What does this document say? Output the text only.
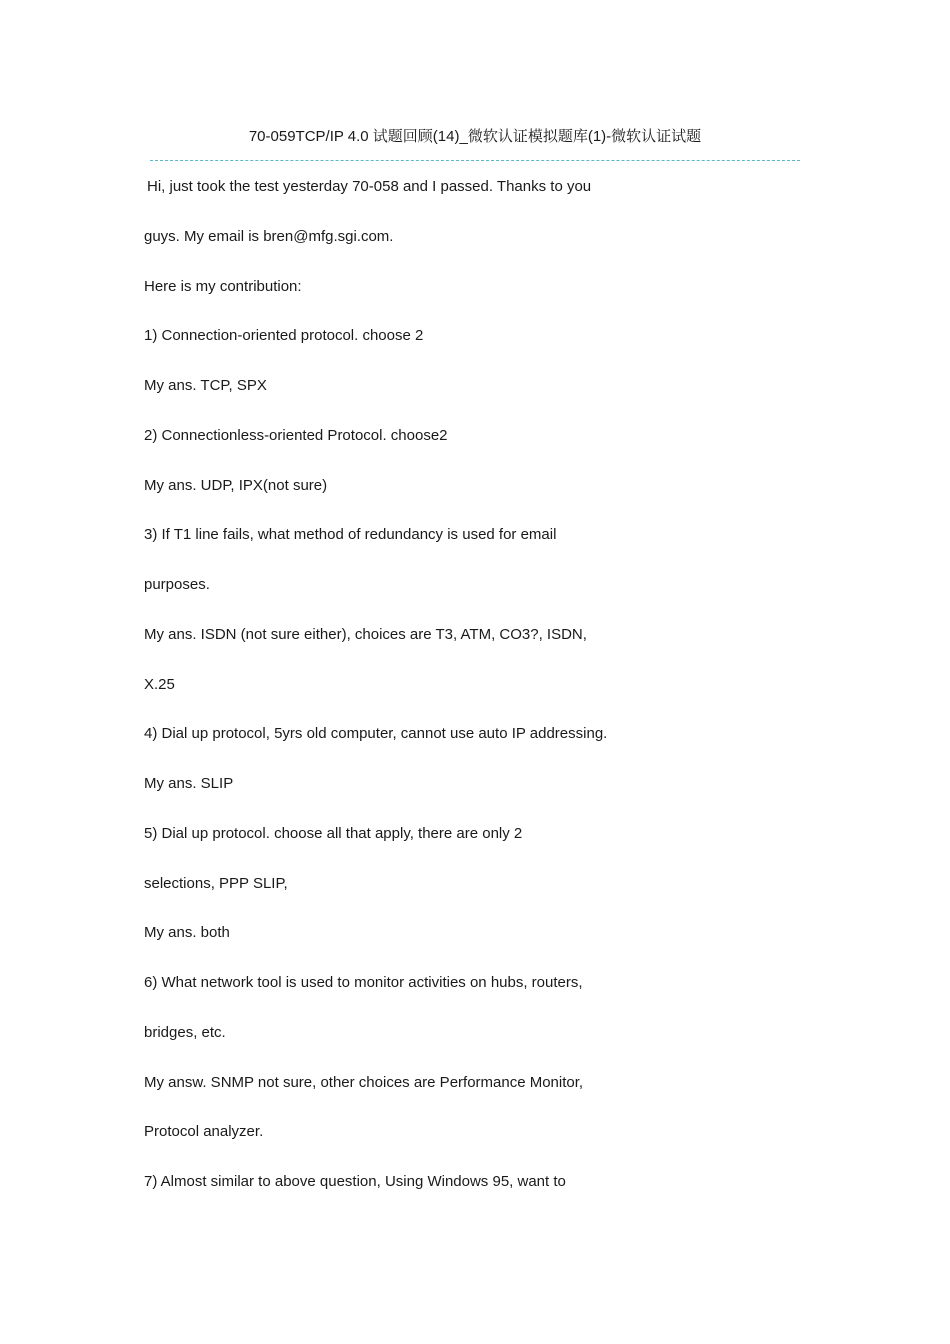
70-059TCP/IP 4.0 试题回顾(14)_微软认证模拟题库(1)-微软认证试题
Hi, just took the test yesterday 70-058 and I passed. Thanks to you
guys. My email is bren@mfg.sgi.com.
Here is my contribution:
1) Connection-oriented protocol. choose 2
My ans. TCP, SPX
2) Connectionless-oriented Protocol. choose2
My ans. UDP, IPX(not sure)
3) If T1 line fails, what method of redundancy is used for email
purposes.
My ans. ISDN (not sure either), choices are T3, ATM, CO3?, ISDN,
X.25
4) Dial up protocol, 5yrs old computer, cannot use auto IP addressing.
My ans. SLIP
5) Dial up protocol. choose all that apply, there are only 2
selections, PPP SLIP,
My ans. both
6) What network tool is used to monitor activities on hubs, routers,
bridges, etc.
My answ. SNMP not sure, other choices are Performance Monitor,
Protocol analyzer.
7) Almost similar to above question, Using Windows 95, want to
